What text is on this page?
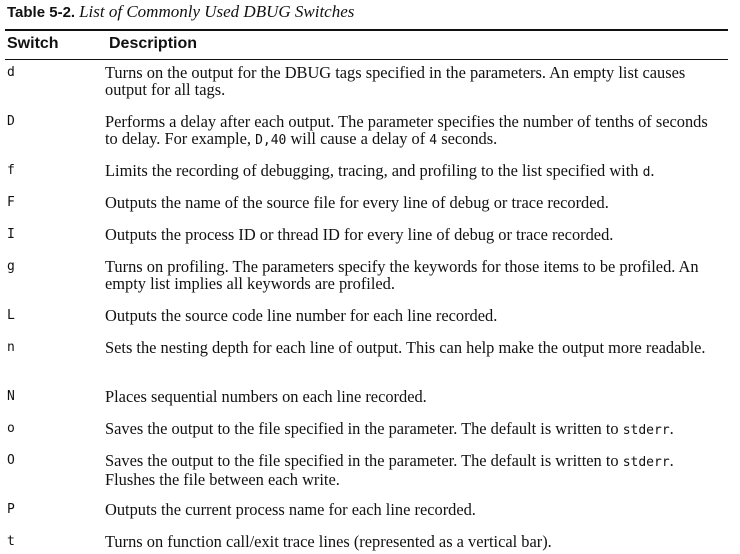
Table 5-2. List of Commonly Used DBUG Switches
Switch	Description
d	Turns on the output for the DBUG tags specified in the parameters. An empty list causes output for all tags.
D	Performs a delay after each output. The parameter specifies the number of tenths of seconds to delay. For example, D,40 will cause a delay of 4 seconds.
f	Limits the recording of debugging, tracing, and profiling to the list specified with d.
F	Outputs the name of the source file for every line of debug or trace recorded.
I	Outputs the process ID or thread ID for every line of debug or trace recorded.
g	Turns on profiling. The parameters specify the keywords for those items to be profiled. An empty list implies all keywords are profiled.
L	Outputs the source code line number for each line recorded.
n	Sets the nesting depth for each line of output. This can help make the output more readable.
N	Places sequential numbers on each line recorded.
o	Saves the output to the file specified in the parameter. The default is written to stderr.
O	Saves the output to the file specified in the parameter. The default is written to stderr. Flushes the file between each write.
P	Outputs the current process name for each line recorded.
t	Turns on function call/exit trace lines (represented as a vertical bar).
